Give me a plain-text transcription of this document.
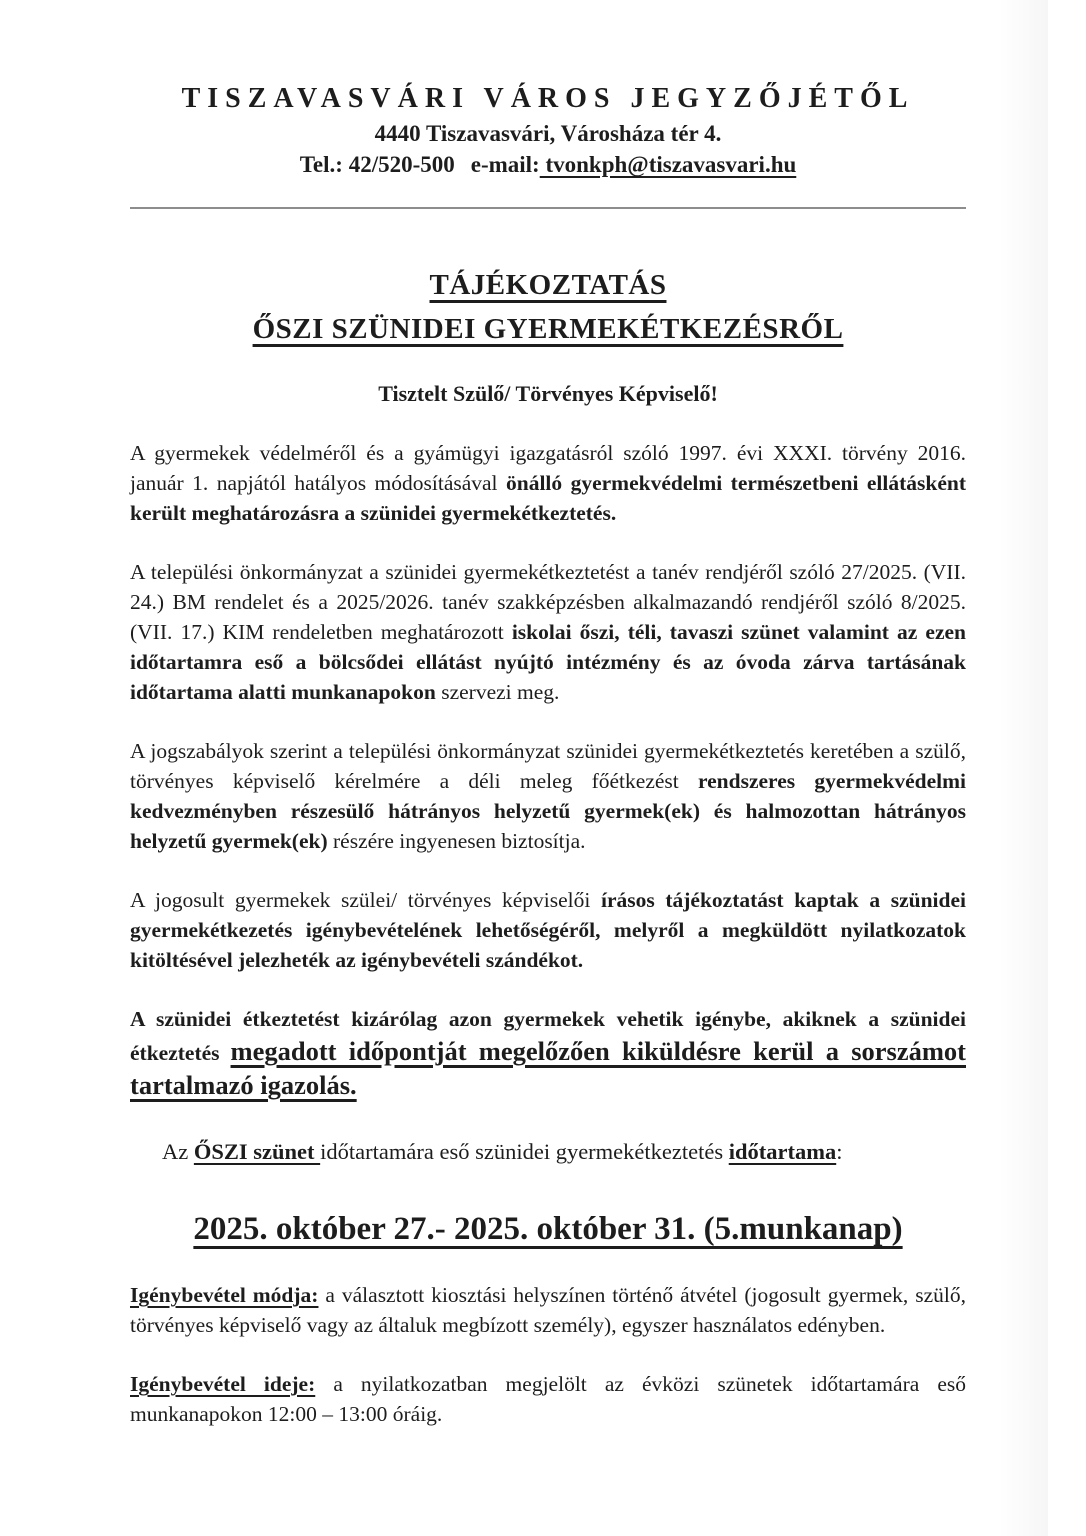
TISZAVASVÁRI VÁROS JEGYZŐJÉTŐL
4440 Tiszavasvári, Városháza tér 4.
Tel.: 42/520-500 e-mail: tvonkph@tiszavasvari.hu
TÁJÉKOZTATÁS
ŐSZI SZÜNIDEI GYERMEKÉTKEZÉSRŐL
Tisztelt Szülő/ Törvényes Képviselő!

A gyermekek védelméről és a gyámügyi igazgatásról szóló 1997. évi XXXI. törvény 2016. január 1. napjától hatályos módosításával önálló gyermekvédelmi természetbeni ellátásként került meghatározásra a szünidei gyermekétkeztetés.

A települési önkormányzat a szünidei gyermekétkeztetést a tanév rendjéről szóló 27/2025. (VII. 24.) BM rendelet és a 2025/2026. tanév szakképzésben alkalmazandó rendjéről szóló 8/2025. (VII. 17.) KIM rendeletben meghatározott iskolai őszi, téli, tavaszi szünet valamint az ezen időtartamra eső a bölcsődei ellátást nyújtó intézmény és az óvoda zárva tartásának időtartama alatti munkanapokon szervezi meg.

A jogszabályok szerint a települési önkormányzat szünidei gyermekétkeztetés keretében a szülő, törvényes képviselő kérelmére a déli meleg főétkezést rendszeres gyermekvédelmi kedvezményben részesülő hátrányos helyzetű gyermek(ek) és halmozottan hátrányos helyzetű gyermek(ek) részére ingyenesen biztosítja.

A jogosult gyermekek szülei/ törvényes képviselői írásos tájékoztatást kaptak a szünidei gyermekétkezetés igénybevételének lehetőségéről, melyről a megküldött nyilatkozatok kitöltésével jelezheték az igénybevételi szándékot.

A szünidei étkeztetést kizárólag azon gyermekek vehetik igénybe, akiknek a szünidei étkeztetés megadott időpontját megelőzően kiküldésre kerül a sorszámot tartalmazó igazolás.

Az ŐSZI szünet időtartamára eső szünidei gyermekétkeztetés időtartama:

2025. október 27.- 2025. október 31. (5.munkanap)

Igénybevétel módja: a választott kiosztási helyszínen történő átvétel (jogosult gyermek, szülő, törvényes képviselő vagy az általuk megbízott személy), egyszer használatos edényben.

Igénybevétel ideje: a nyilatkozatban megjelölt az évközi szünetek időtartamára eső munkanapokon 12:00 – 13:00 óráig.
